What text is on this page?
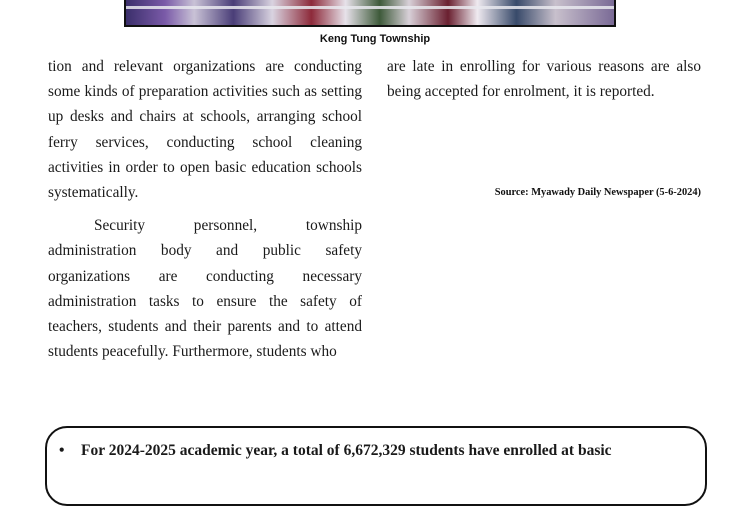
Keng Tung Township

tion and relevant organizations are conducting some kinds of preparation activities such as setting up desks and chairs at schools, arranging school ferry services, conducting school cleaning activities in order to open basic education schools systematically.

Security personnel, township administration body and public safety organizations are conducting necessary administration tasks to ensure the safety of teachers, students and their parents and to attend students peacefully. Furthermore, students who

are late in enrolling for various reasons are also being accepted for enrolment, it is reported.

Source: Myawady Daily Newspaper (5-6-2024)
• For 2024-2025 academic year, a total of 6,672,329 students have enrolled at basic
